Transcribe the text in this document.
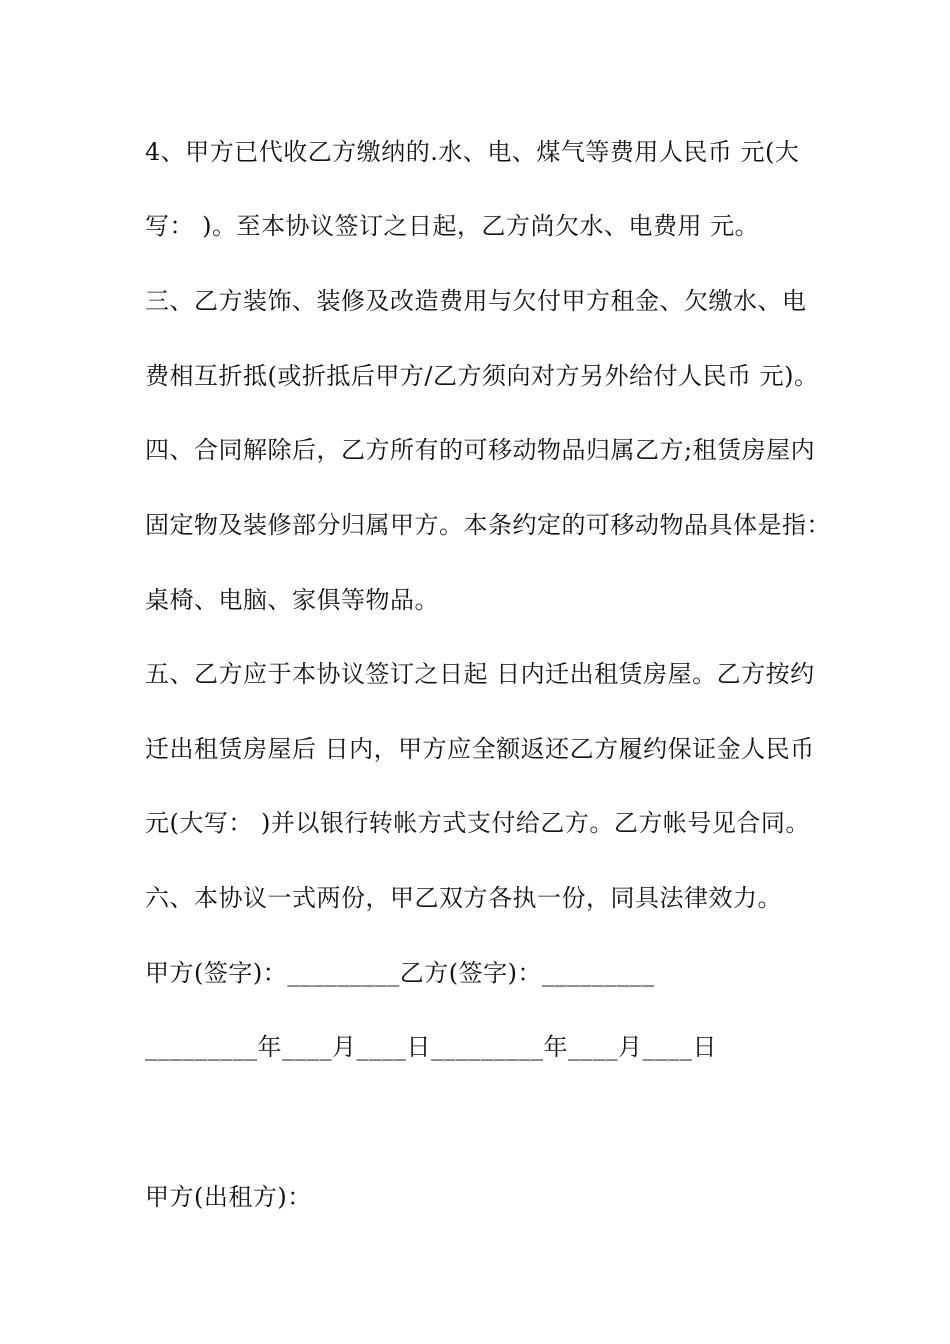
4、甲方已代收乙方缴纳的.水、电、煤气等费用人民币 元(大
写： )。至本协议签订之日起，乙方尚欠水、电费用 元。
三、乙方装饰、装修及改造费用与欠付甲方租金、欠缴水、电
费相互折抵(或折抵后甲方/乙方须向对方另外给付人民币 元)。
四、合同解除后，乙方所有的可移动物品归属乙方;租赁房屋内
固定物及装修部分归属甲方。本条约定的可移动物品具体是指：
桌椅、电脑、家俱等物品。
五、乙方应于本协议签订之日起 日内迁出租赁房屋。乙方按约
迁出租赁房屋后 日内，甲方应全额返还乙方履约保证金人民币
元(大写： )并以银行转帐方式支付给乙方。乙方帐号见合同。
六、本协议一式两份，甲乙双方各执一份，同具法律效力。
甲方(签字)：_________乙方(签字)：_________
_________年____月____日_________年____月____日
甲方(出租方)：
